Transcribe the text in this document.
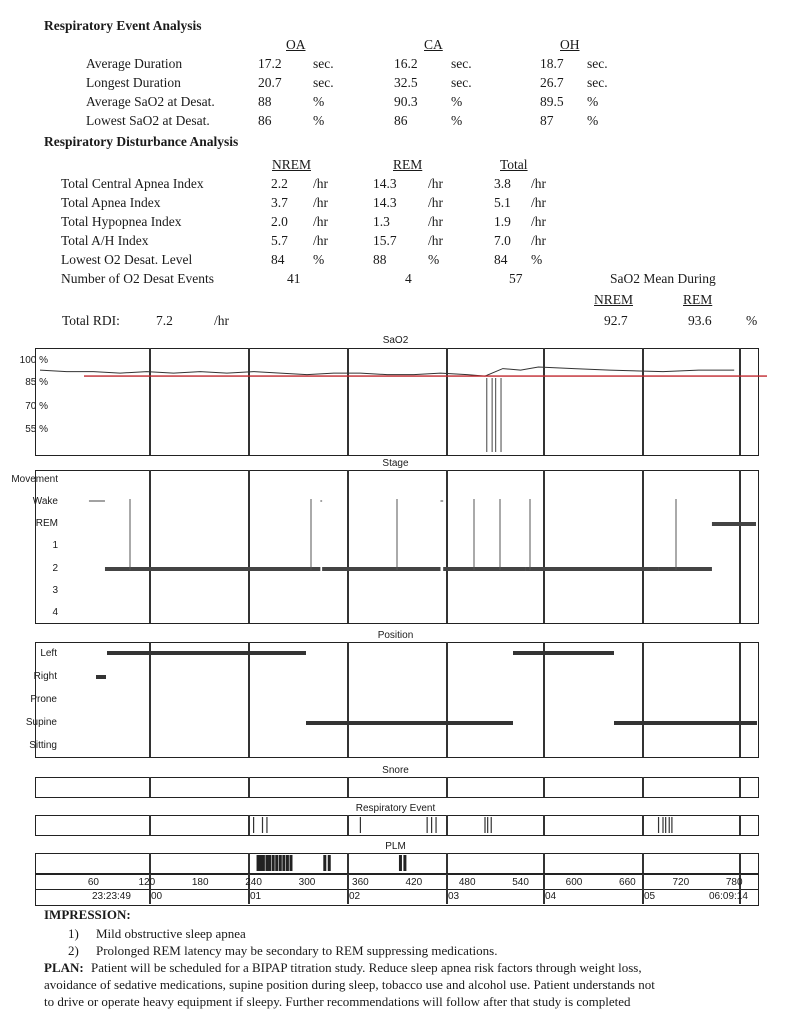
Respiratory Event Analysis
OA	CA	OH
Average Duration	17.2 sec.	16.2 sec.	18.7 sec.
Longest Duration	20.7 sec.	32.5 sec.	26.7 sec.
Average SaO2 at Desat.	88	%	90.3 %	89.5 %
Lowest SaO2 at Desat.	86	%	86	%	87 %
Respiratory Disturbance Analysis
NREM	REM	Total
Total Central Apnea Index	2.2 /hr	14.3 /hr	3.8 /hr
Total Apnea Index	3.7 /hr	14.3 /hr	5.1 /hr
Total Hypopnea Index	2.0 /hr	1.3	/hr	1.9 /hr
Total A/H Index	5.7 /hr	15.7 /hr	7.0 /hr
Lowest O2 Desat. Level	84 %	88	%	84 %
Number of O2 Desat Events	41	4	57	SaO2 Mean During
NREM	REM
92.7	93.6	%
Total RDI:	7.2	/hr
SaO2
Stage
Position
Snore
Respiratory Event
PLM
100 %
85 %
70 %
55 %
Movement
Wake
REM
1
2
3
4
Left
Right
Prone
Supine
Sitting
60	120	180	240	300	360	420	480	540	600	660	720	780
00	01	02	03	04	05
23:23:49	06:09:14
IMPRESSION:
1) Mild obstructive sleep apnea
2) Prolonged REM latency may be secondary to REM suppressing medications.
PLAN: Patient will be scheduled for a BIPAP titration study. Reduce sleep apnea risk factors through weight loss,
avoidance of sedative medications, supine position during sleep, tobacco use and alcohol use. Patient understands not
to drive or operate heavy equipment if sleepy. Further recommendations will follow after that study is completed
